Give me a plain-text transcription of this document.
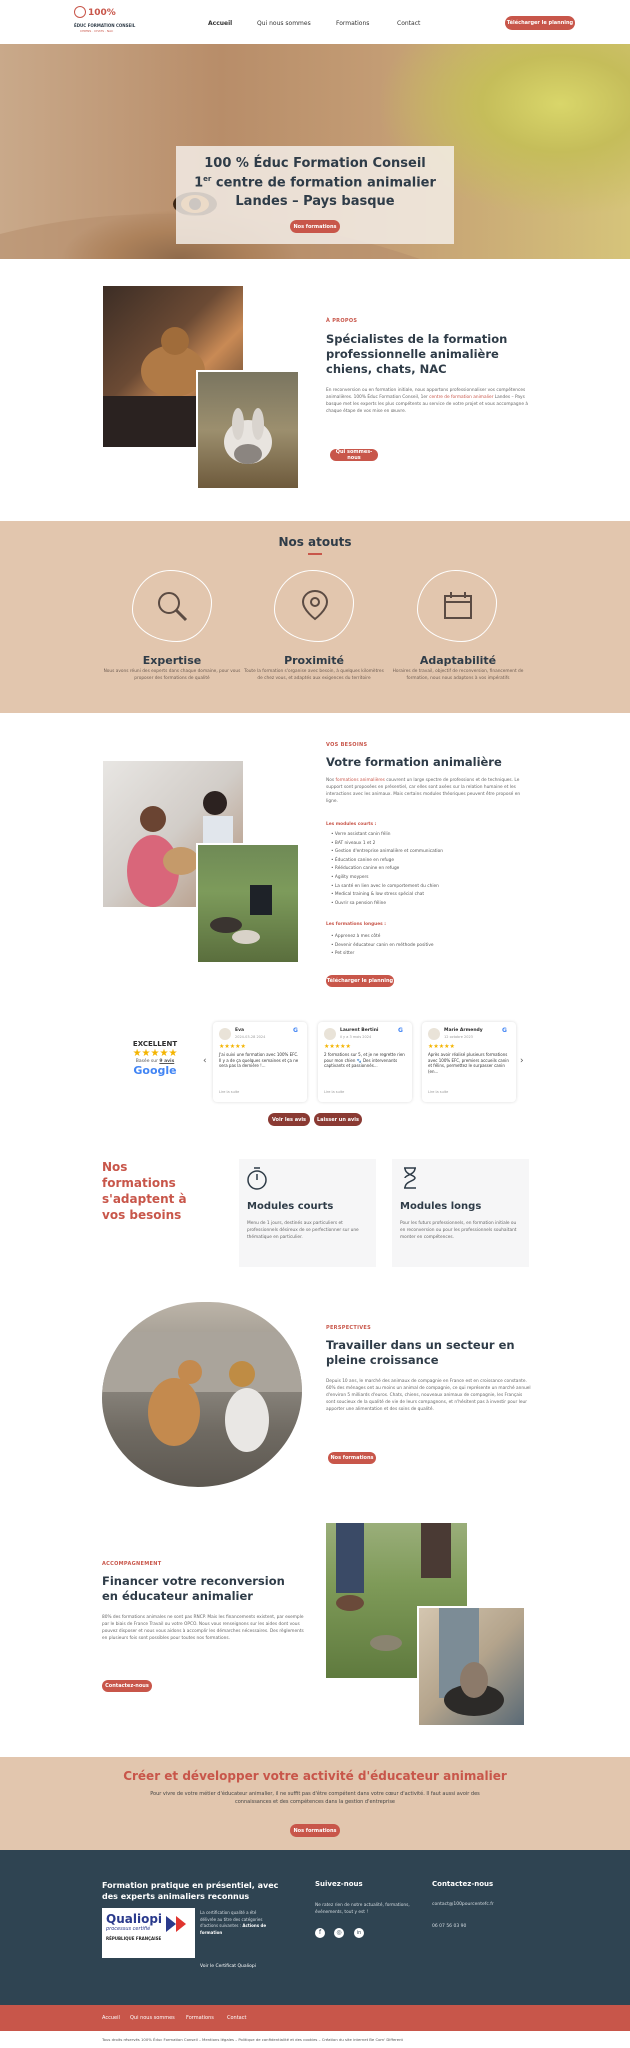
100%
ÉDUC FORMATION CONSEIL
CHIENS · CHATS · NAC
Accueil	Qui nous sommes	Formations	Contact	Télécharger le planning
100 % Éduc Formation Conseil
1er centre de formation animalier
Landes – Pays basque
Nos formations
À PROPOS
Spécialistes de la formation professionnelle animalière chiens, chats, NAC
En reconversion ou en formation initiale, nous apportons professionnaliser vos compétences animalières. 100% Éduc Formation Conseil, 1er centre de formation animalier Landes – Pays basque met les experts les plus compétents au service de votre projet et vous accompagne à chaque étape de vos mise en œuvre.
Qui sommes-nous
Nos atouts
Expertise
Nous avons réuni des experts dans chaque domaine, pour vous proposer des formations de qualité
Proximité
Toute la formation s'organise avec besoin, à quelques kilomètres de chez vous, et adaptés aux exigences du territoire
Adaptabilité
Horaires de travail, objectif de reconversion, financement de formation, nous nous adaptons à vos impératifs
VOS BESOINS
Votre formation animalière
Nos formations animalières couvrent un large spectre de professions et de techniques. Le support sont proposées en présentiel, car elles sont axées sur la relation humaine et les interactions avec les animaux. Mais certains modules théoriques peuvent être proposé en ligne.
Les modules courts :
• Verre assistant canin félin
• BAT niveaux 1 et 2
• Gestion d'entreprise animalière et communication
• Éducation canine en refuge
• Rééducation canine en refuge
• Agility moypers
• La santé en lien avec le comportement du chien
• Medical training & low stress spécial chat
• Ouvrir sa pension féline
Les formations longues :
• Apprenez à mes côté
• Devenir éducateur canin en méthode positive
• Pet sitter
Télécharger le planning
EXCELLENT
★★★★★
Basée sur 9 avis
Google
‹	›
Eva
2024-03-28 2024
G
★★★★★
J'ai suivi une formation avec 100% EFC. Il y a de ça quelques semaines et ça ne sera pas la dernière !...
Lire la suite
Laurent Bertini
il y a 3 mois 2024
G
★★★★★
2 formations sur 5, et je ne regrette rien pour mon chien 🐾 Des intervenants captivants et passionnés...
Lire la suite
Marie Armendy
12 octobre 2023
G
★★★★★
Après avoir réalisé plusieurs formations avec 100% EFC, premiers accueils canin et félins, permettez le surpasser canin (en...
Lire la suite
Voir les avis	Laisser un avis
Nos formations s'adaptent à vos besoins
Modules courts
Menu de 1 jours, destinés aux particuliers et professionnels désireux de se perfectionner sur une thématique en particulier.
Modules longs
Pour les futurs professionnels, en formation initiale ou en reconversion ou pour les professionnels souhaitant monter en compétences.
PERSPECTIVES
Travailler dans un secteur en pleine croissance
Depuis 10 ans, le marché des animaux de compagnie en France est en croissance constante. 60% des ménages ont au moins un animal de compagnie, ce qui représente un marché annuel d'environ 5 milliards d'euros. Chats, chiens, nouveaux animaux de compagnie, les Français sont soucieux de la qualité de vie de leurs compagnons, et n'hésitent pas à investir pour leur apporter une alimentation et des soins de qualité.
Nos formations
ACCOMPAGNEMENT
Financer votre reconversion en éducateur animalier
80% des formations animales ne sont pas RNCP. Mais les financements existent, par exemple par le biais de France Travail ou votre OPCO. Nous vous renseignons sur les aides dont vous pouvez disposer et nous vous aidons à accomplir les démarches nécessaires. Des règlements en plusieurs fois sont possibles pour toutes nos formations.
Contactez-nous
Créer et développer votre activité d'éducateur animalier
Pour vivre de votre métier d'éducateur animalier, il ne suffit pas d'être compétent dans votre cœur d'activité. Il faut aussi avoir des connaissances et des compétences dans la gestion d'entreprise
Nos formations
Formation pratique en présentiel, avec des experts animaliers reconnus
Qualiopi
processus certifié
RÉPUBLIQUE FRANÇAISE
La certification qualité a été délivrée au titre des catégories d'actions suivantes : Actions de formation
Voir le Certificat Qualiopi
Suivez-nous
Ne ratez rien de notre actualité, formations, événements, tout y est !
f	◎	in
Contactez-nous
contact@100pourcentefc.fr
06 07 56 03 90
Accueil Qui nous sommes Formations	Contact
Tous droits réservés 100% Éduc Formation Conseil – Mentions légales – Politique de confidentialité et des cookies – Création du site internet Be Com' Different
